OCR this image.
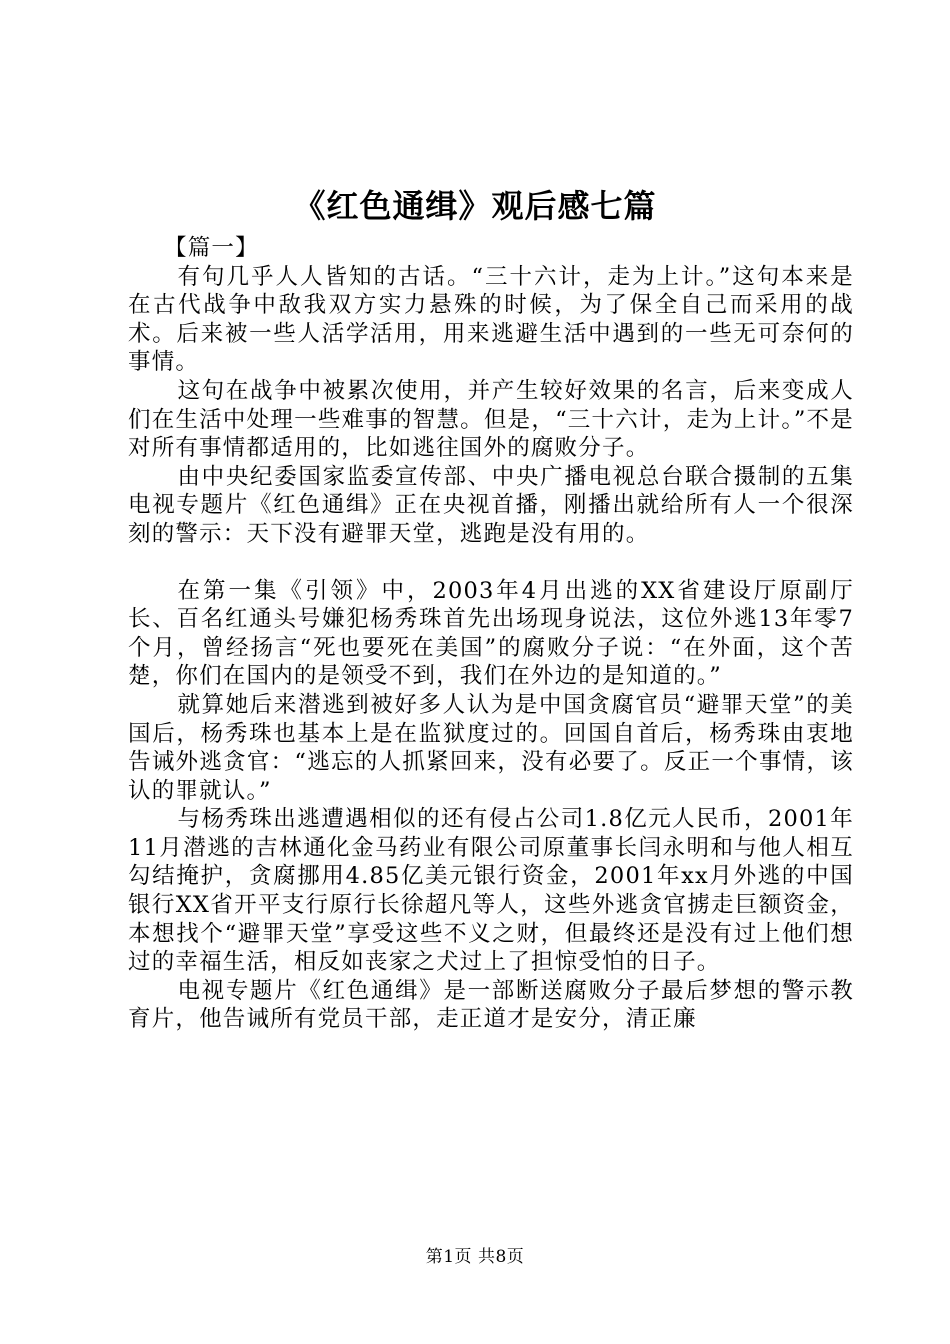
《红色通缉》观后感七篇

【篇一】

有句几乎人人皆知的古话。“三十六计，走为上计。”这句本来是在古代战争中敌我双方实力悬殊的时候，为了保全自己而采用的战术。后来被一些人活学活用，用来逃避生活中遇到的一些无可奈何的事情。

这句在战争中被累次使用，并产生较好效果的名言，后来变成人们在生活中处理一些难事的智慧。但是，“三十六计，走为上计。”不是对所有事情都适用的，比如逃往国外的腐败分子。

由中央纪委国家监委宣传部、中央广播电视总台联合摄制的五集电视专题片《红色通缉》正在央视首播，刚播出就给所有人一个很深刻的警示：天下没有避罪天堂，逃跑是没有用的。

在第一集《引领》中，2003年4月出逃的XX省建设厅原副厅长、百名红通头号嫌犯杨秀珠首先出场现身说法，这位外逃13年零7个月，曾经扬言“死也要死在美国”的腐败分子说：“在外面，这个苦楚，你们在国内的是领受不到，我们在外边的是知道的。”

就算她后来潜逃到被好多人认为是中国贪腐官员“避罪天堂”的美国后，杨秀珠也基本上是在监狱度过的。回国自首后，杨秀珠由衷地告诫外逃贪官：“逃忘的人抓紧回来，没有必要了。反正一个事情，该认的罪就认。”

与杨秀珠出逃遭遇相似的还有侵占公司1.8亿元人民币，2001年11月潜逃的吉林通化金马药业有限公司原董事长闫永明和与他人相互勾结掩护，贪腐挪用4.85亿美元银行资金，2001年xx月外逃的中国银行XX省开平支行原行长徐超凡等人，这些外逃贪官掳走巨额资金，本想找个“避罪天堂”享受这些不义之财，但最终还是没有过上他们想过的幸福生活，相反如丧家之犬过上了担惊受怕的日子。

电视专题片《红色通缉》是一部断送腐败分子最后梦想的警示教育片，他告诫所有党员干部，走正道才是安分，清正廉

第1页 共8页
